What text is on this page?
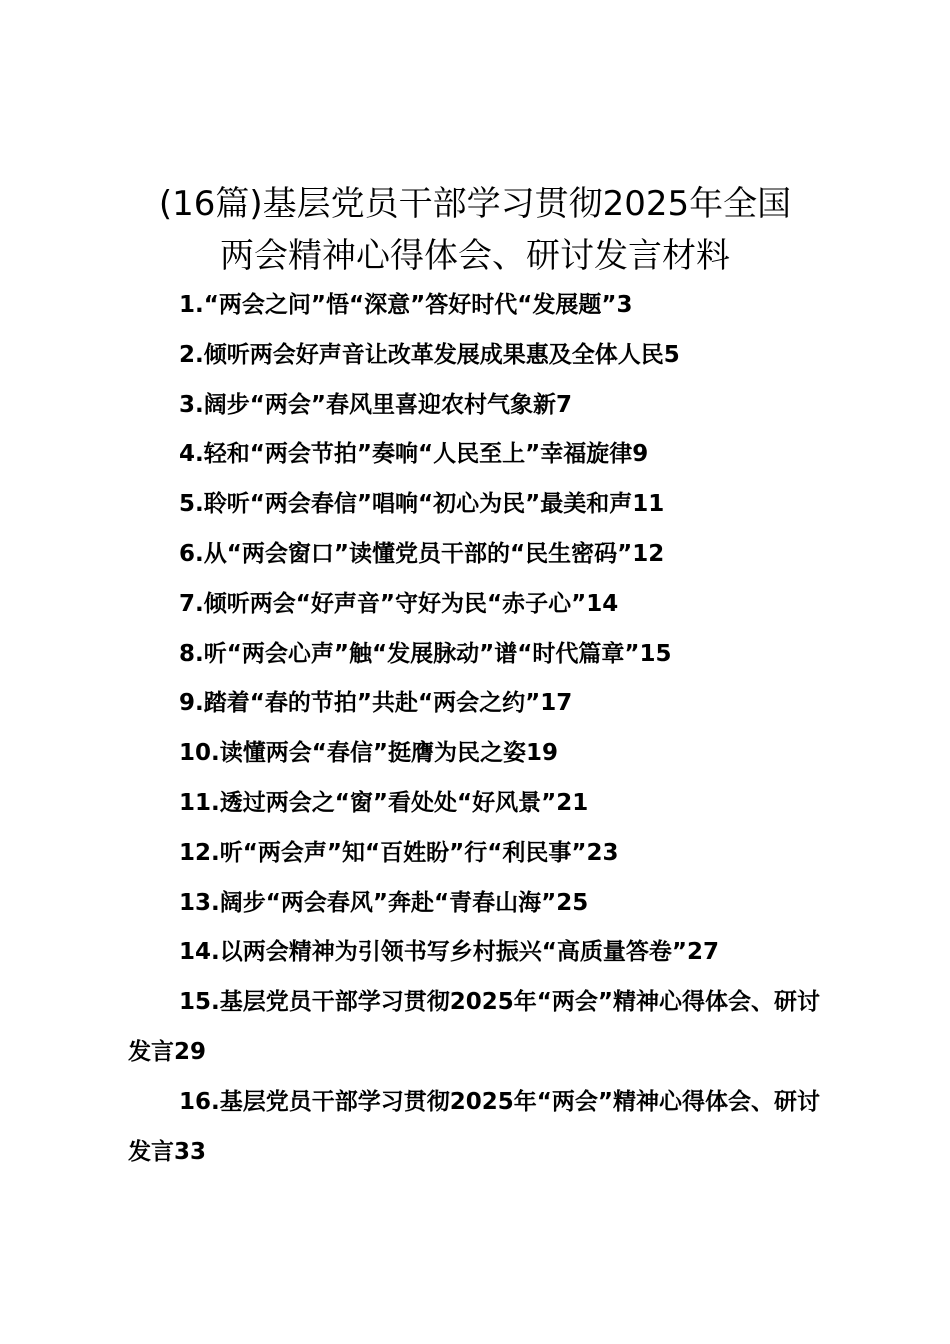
(16篇)基层党员干部学习贯彻2025年全国
两会精神心得体会、研讨发言材料
1.“两会之问”悟“深意”答好时代“发展题”3
2.倾听两会好声音让改革发展成果惠及全体人民5
3.阔步“两会”春风里喜迎农村气象新7
4.轻和“两会节拍”奏响“人民至上”幸福旋律9
5.聆听“两会春信”唱响“初心为民”最美和声11
6.从“两会窗口”读懂党员干部的“民生密码”12
7.倾听两会“好声音”守好为民“赤子心”14
8.听“两会心声”触“发展脉动”谱“时代篇章”15
9.踏着“春的节拍”共赴“两会之约”17
10.读懂两会“春信”挺膺为民之姿19
11.透过两会之“窗”看处处“好风景”21
12.听“两会声”知“百姓盼”行“利民事”23
13.阔步“两会春风”奔赴“青春山海”25
14.以两会精神为引领书写乡村振兴“高质量答卷”27
15.基层党员干部学习贯彻2025年“两会”精神心得体会、研讨发言29
16.基层党员干部学习贯彻2025年“两会”精神心得体会、研讨发言33
